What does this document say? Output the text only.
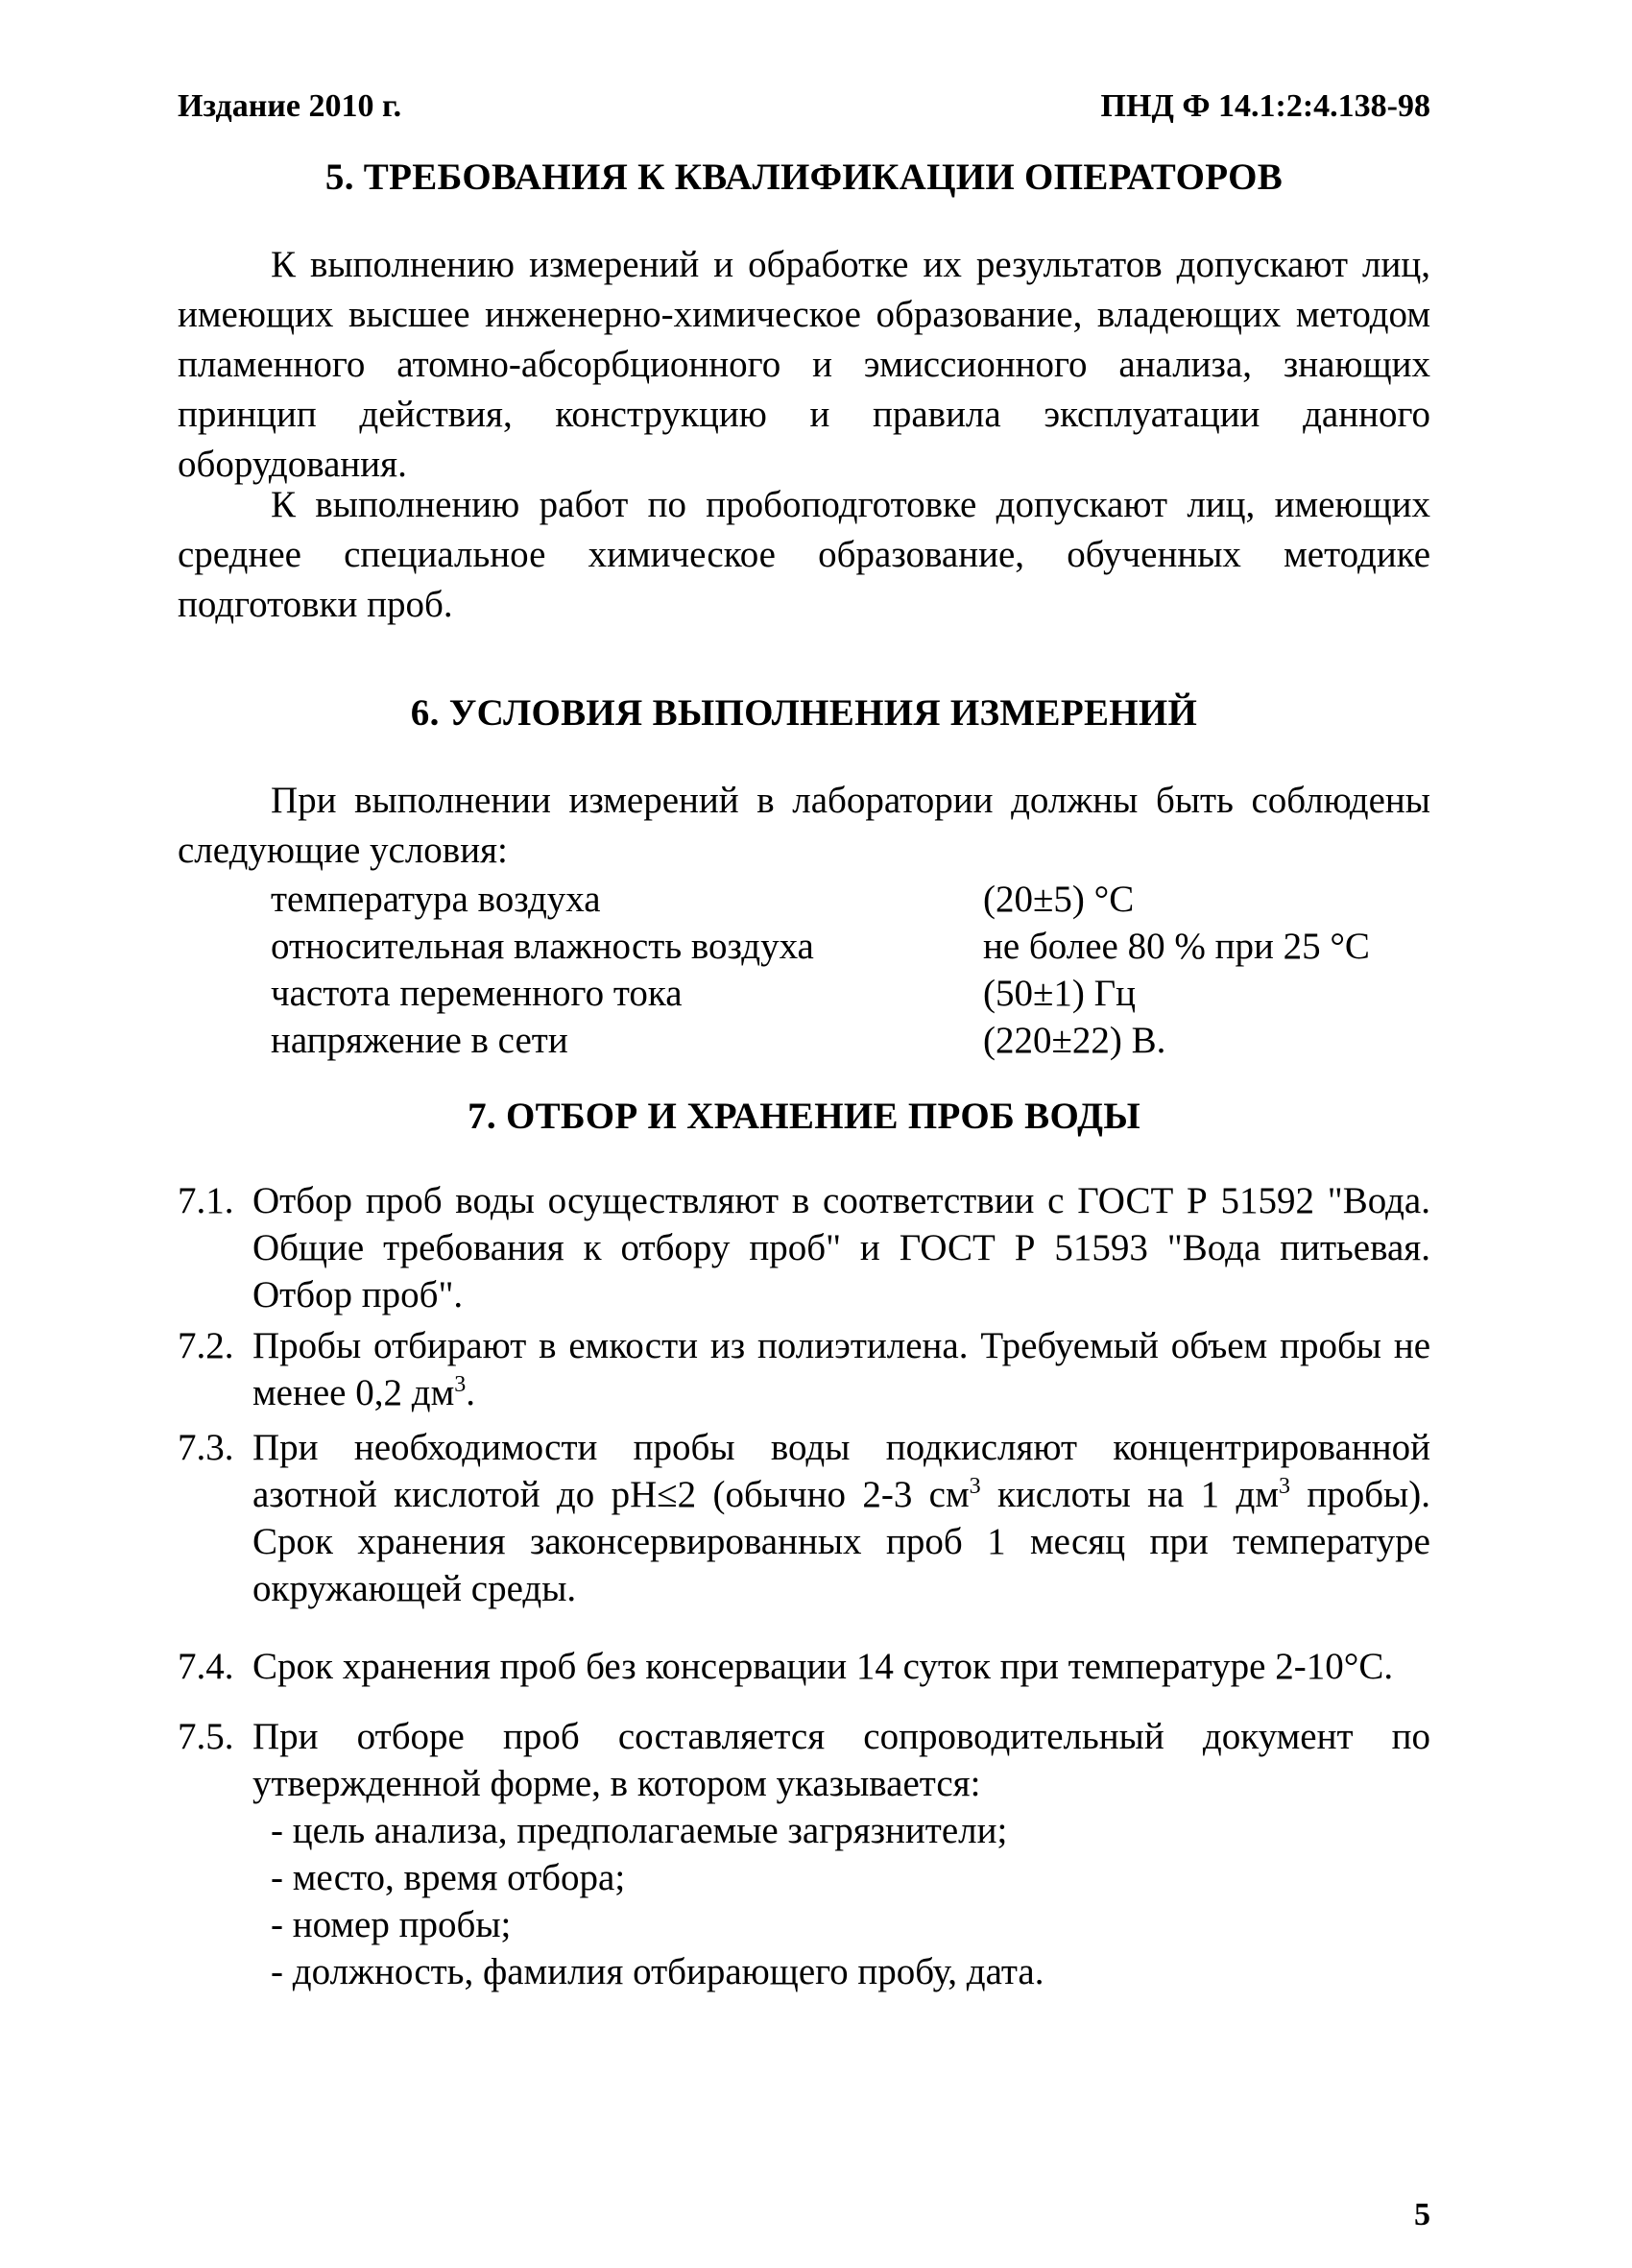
Издание 2010 г.	ПНД Ф 14.1:2:4.138-98

5. ТРЕБОВАНИЯ К КВАЛИФИКАЦИИ ОПЕРАТОРОВ

К выполнению измерений и обработке их результатов допускают лиц, имеющих высшее инженерно-химическое образование, владеющих методом пламенного атомно-абсорбционного и эмиссионного анализа, знающих принцип действия, конструкцию и правила эксплуатации данного оборудования.

К выполнению работ по пробоподготовке допускают лиц, имеющих среднее специальное химическое образование, обученных методике подготовки проб.

6. УСЛОВИЯ ВЫПОЛНЕНИЯ ИЗМЕРЕНИЙ

При выполнении измерений в лаборатории должны быть соблюдены следующие условия:

температура воздуха	(20±5) °С
относительная влажность воздуха	не более 80 % при 25 °С
частота переменного тока	(50±1) Гц
напряжение в сети	(220±22) В.
7. ОТБОР И ХРАНЕНИЕ ПРОБ ВОДЫ
7.1. Отбор проб воды осуществляют в соответствии с ГОСТ Р 51592 "Вода. Общие требования к отбору проб" и ГОСТ Р 51593 "Вода питьевая. Отбор проб".
7.2. Пробы отбирают в емкости из полиэтилена. Требуемый объем пробы не менее 0,2 $дм^3$.
7.3. При необходимости пробы воды подкисляют концентрированной азотной кислотой до pH≤2 (обычно 2-3 $см^3$ кислоты на 1 $дм^3$ пробы). Срок хранения законсервированных проб 1 месяц при температуре окружающей среды.
7.4. Срок хранения проб без консервации 14 суток при температуре 2-10°С.
7.5. При отборе проб составляется сопроводительный документ по утвержденной форме, в котором указывается:
- цель анализа, предполагаемые загрязнители;
- место, время отбора;
- номер пробы;
- должность, фамилия отбирающего пробу, дата.

5
